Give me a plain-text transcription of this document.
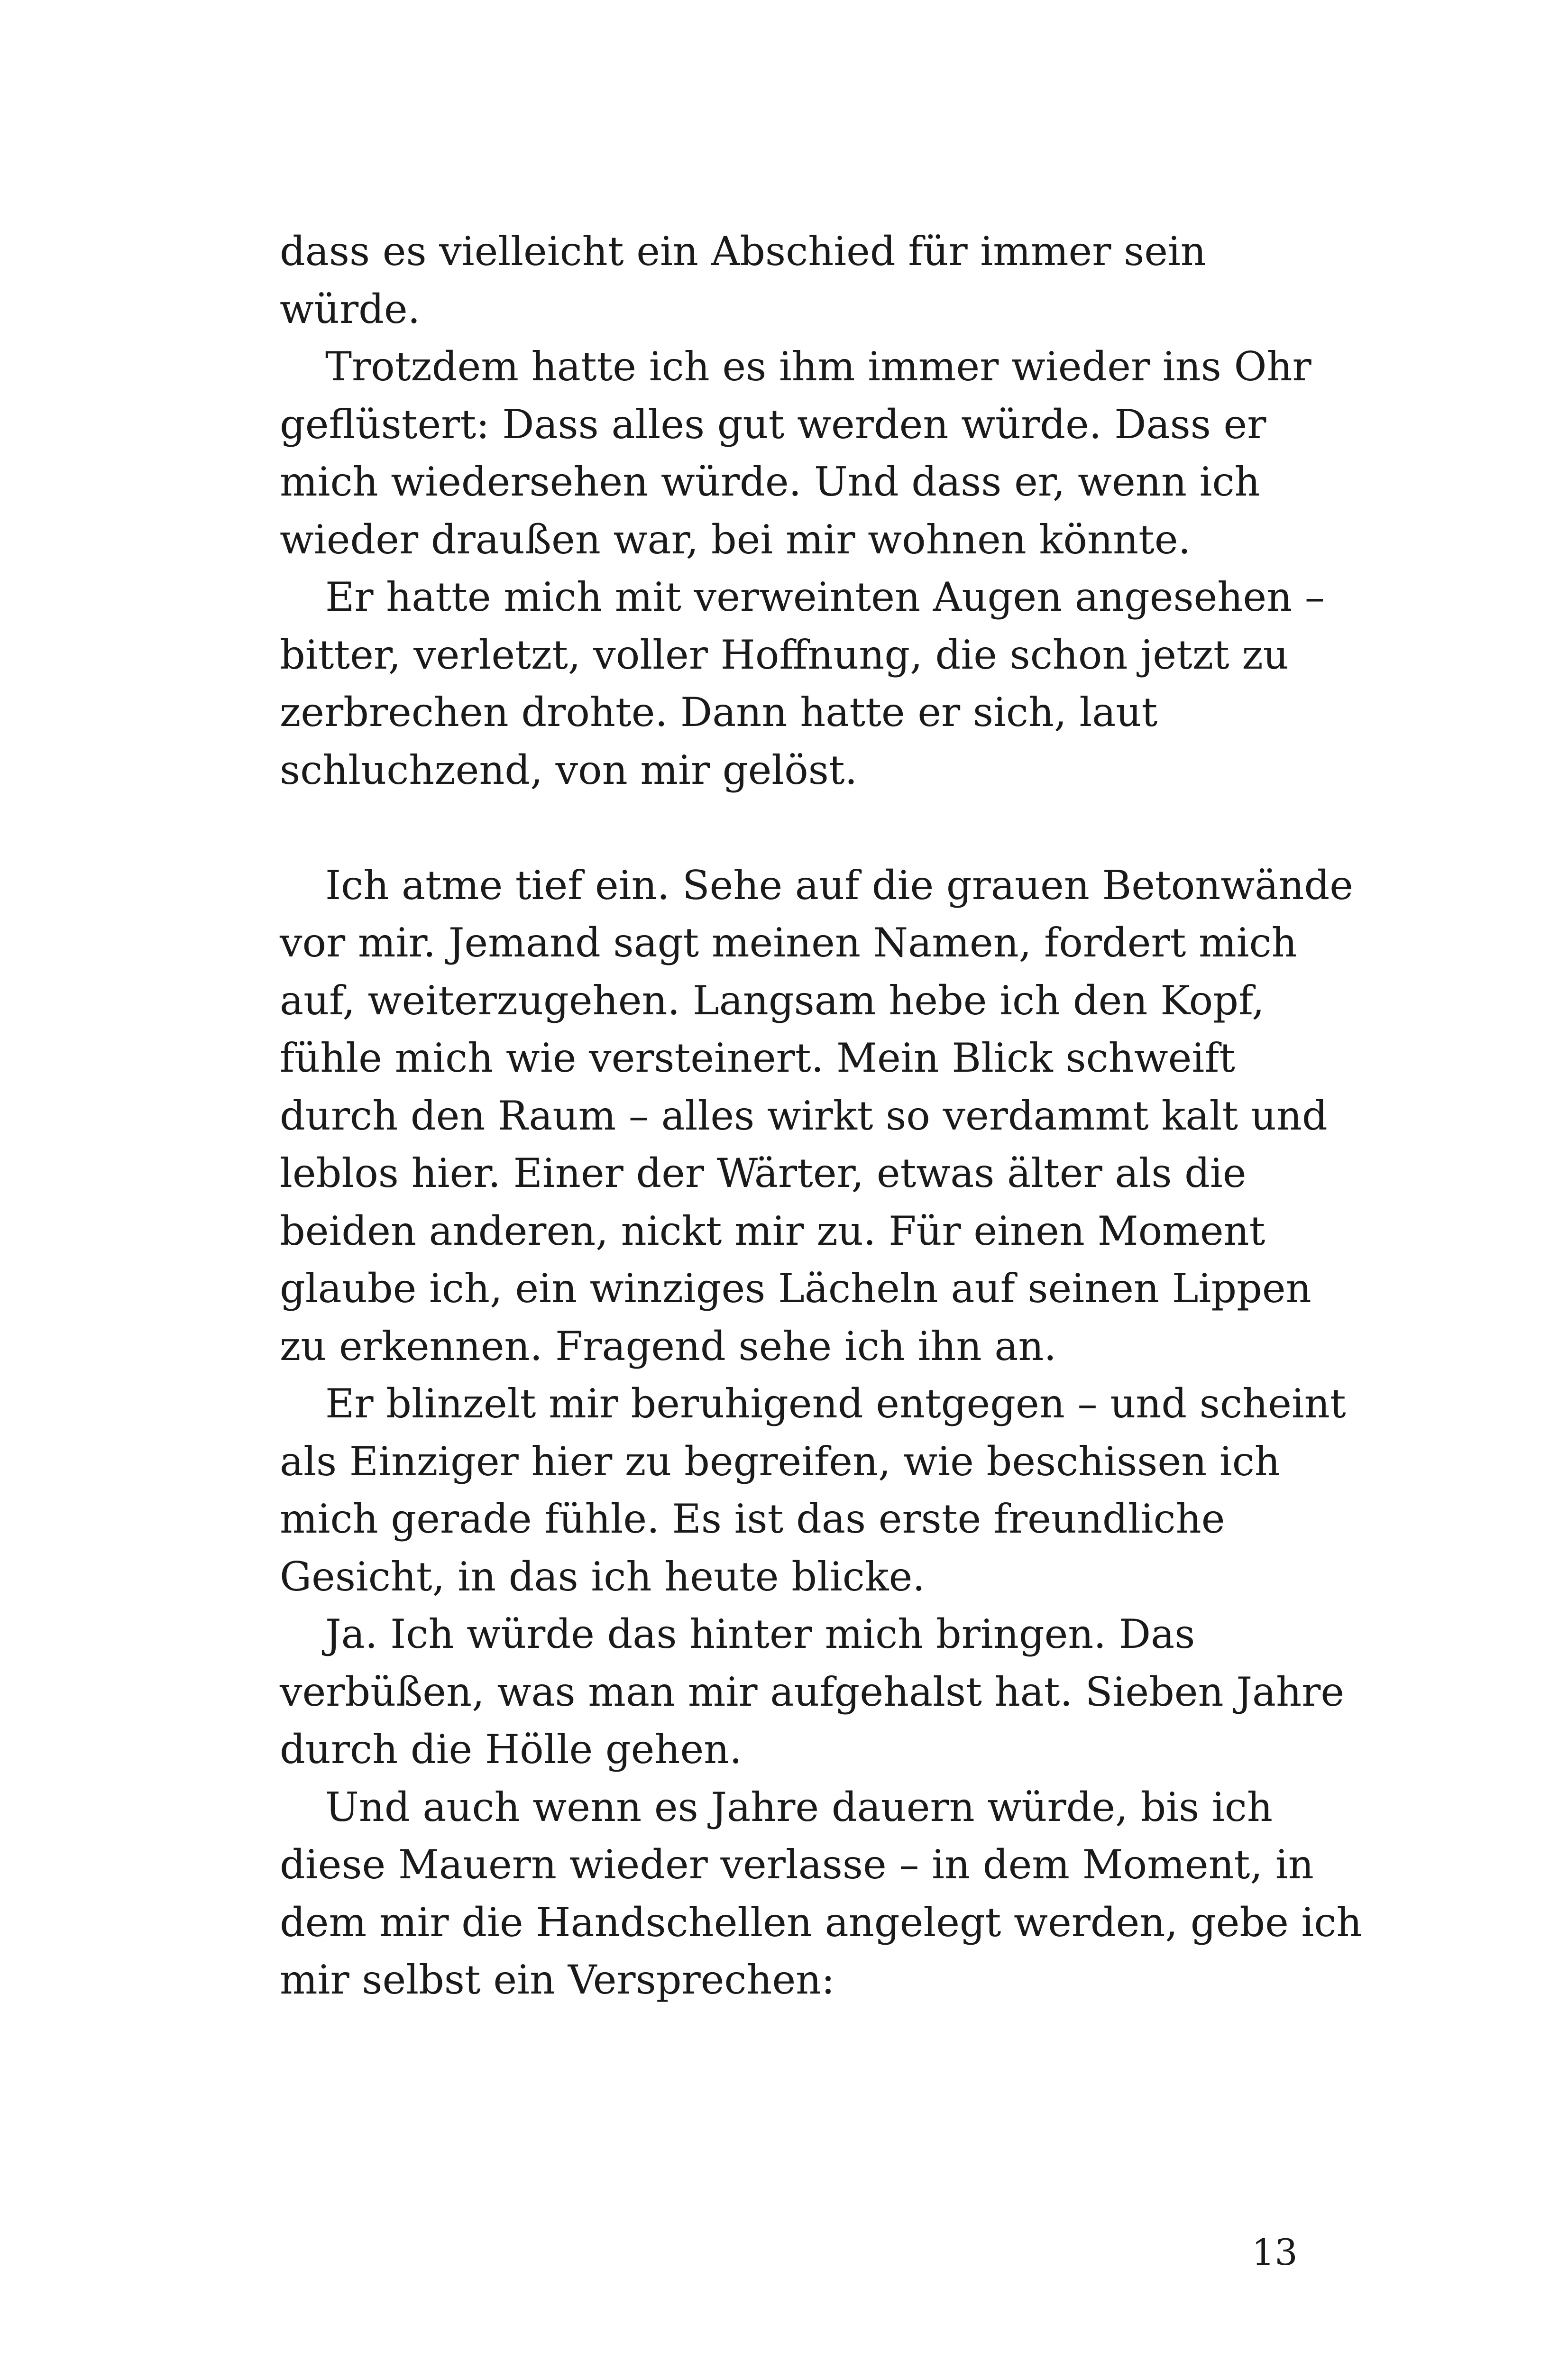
dass es vielleicht ein Abschied für immer sein
würde.
Trotzdem hatte ich es ihm immer wieder ins Ohr
geflüstert: Dass alles gut werden würde. Dass er
mich wiedersehen würde. Und dass er, wenn ich
wieder draußen war, bei mir wohnen könnte.
Er hatte mich mit verweinten Augen angesehen –
bitter, verletzt, voller Hoffnung, die schon jetzt zu
zerbrechen drohte. Dann hatte er sich, laut
schluchzend, von mir gelöst.
Ich atme tief ein. Sehe auf die grauen Betonwände
vor mir. Jemand sagt meinen Namen, fordert mich
auf, weiterzugehen. Langsam hebe ich den Kopf,
fühle mich wie versteinert. Mein Blick schweift
durch den Raum – alles wirkt so verdammt kalt und
leblos hier. Einer der Wärter, etwas älter als die
beiden anderen, nickt mir zu. Für einen Moment
glaube ich, ein winziges Lächeln auf seinen Lippen
zu erkennen. Fragend sehe ich ihn an.
Er blinzelt mir beruhigend entgegen – und scheint
als Einziger hier zu begreifen, wie beschissen ich
mich gerade fühle. Es ist das erste freundliche
Gesicht, in das ich heute blicke.
Ja. Ich würde das hinter mich bringen. Das
verbüßen, was man mir aufgehalst hat. Sieben Jahre
durch die Hölle gehen.
Und auch wenn es Jahre dauern würde, bis ich
diese Mauern wieder verlasse – in dem Moment, in
dem mir die Handschellen angelegt werden, gebe ich
mir selbst ein Versprechen:
13
